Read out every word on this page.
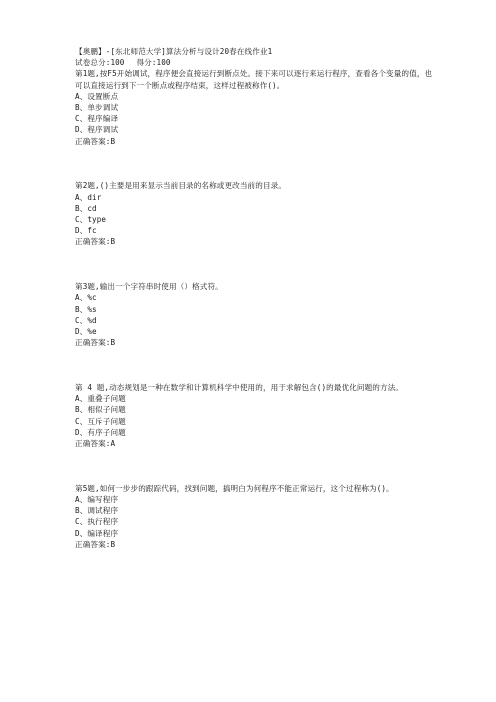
【奥鹏】-[东北师范大学]算法分析与设计20春在线作业1
试卷总分:100 得分:100
第1题,按F5开始调试，程序便会直接运行到断点处。接下来可以逐行来运行程序，查看各个变量的值，也可以直接运行到下一个断点或程序结束，这样过程被称作()。
A、设置断点
B、单步调试
C、程序编译
D、程序调试
正确答案:B
第2题,()主要是用来显示当前目录的名称或更改当前的目录。
A、dir
B、cd
C、type
D、fc
正确答案:B
第3题,输出一个字符串时使用（）格式符。
A、%c
B、%s
C、%d
D、%e
正确答案:B
第 4 题,动态规划是一种在数学和计算机科学中使用的，用于求解包含()的最优化问题的方法。
A、重叠子问题
B、相似子问题
C、互斥子问题
D、有序子问题
正确答案:A
第5题,如何一步步的跟踪代码，找到问题，搞明白为何程序不能正常运行，这个过程称为()。
A、编写程序
B、调试程序
C、执行程序
D、编译程序
正确答案:B
